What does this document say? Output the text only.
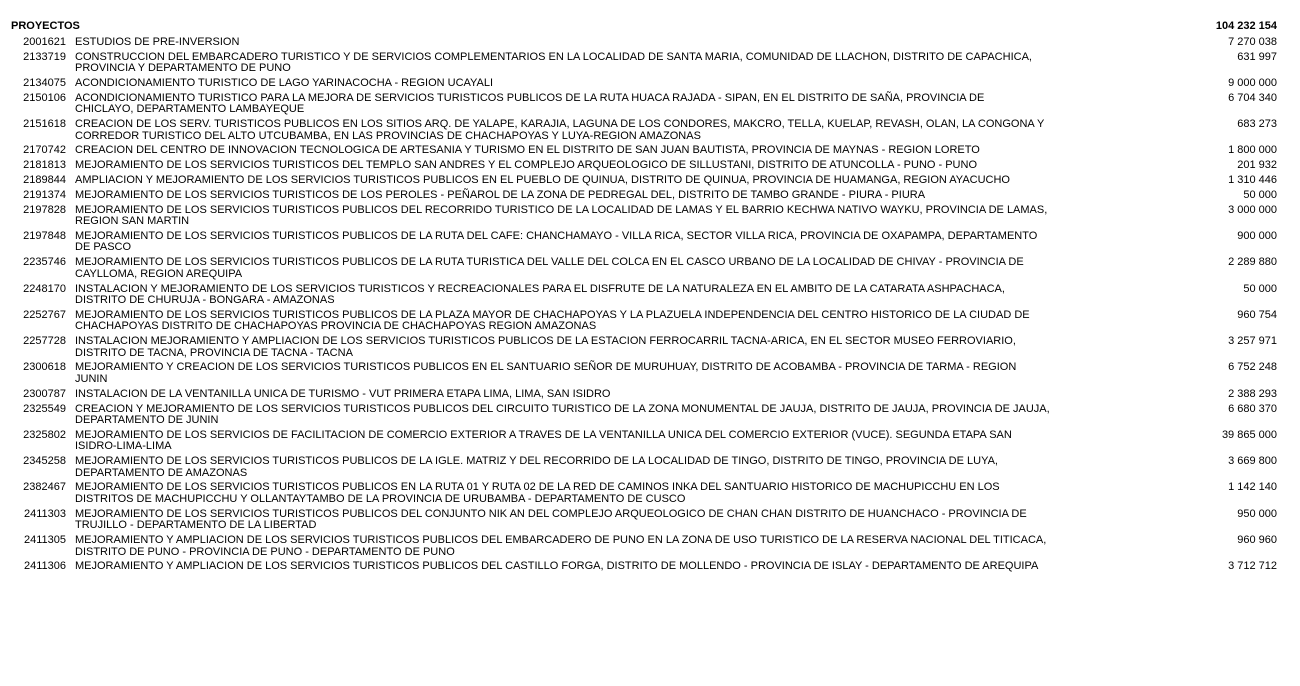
PROYECTOS	104 232 154
2001621 ESTUDIOS DE PRE-INVERSION	7 270 038
2133719 CONSTRUCCION DEL EMBARCADERO TURISTICO Y DE SERVICIOS COMPLEMENTARIOS EN LA LOCALIDAD DE SANTA MARIA, COMUNIDAD DE LLACHON, DISTRITO DE CAPACHICA,
PROVINCIA Y DEPARTAMENTO DE PUNO
631 997
2134075 ACONDICIONAMIENTO TURISTICO DE LAGO YARINACOCHA - REGION UCAYALI	9 000 000
2150106 ACONDICIONAMIENTO TURISTICO PARA LA MEJORA DE SERVICIOS TURISTICOS PUBLICOS DE LA RUTA HUACA RAJADA - SIPAN, EN EL DISTRITO DE SAÑA, PROVINCIA DE
CHICLAYO, DEPARTAMENTO LAMBAYEQUE
6 704 340
2151618 CREACION DE LOS SERV. TURISTICOS PUBLICOS EN LOS SITIOS ARQ. DE YALAPE, KARAJIA, LAGUNA DE LOS CONDORES, MAKCRO, TELLA, KUELAP, REVASH, OLAN, LA CONGONA Y
CORREDOR TURISTICO DEL ALTO UTCUBAMBA, EN LAS PROVINCIAS DE CHACHAPOYAS Y LUYA-REGION AMAZONAS
683 273
2170742 CREACION DEL CENTRO DE INNOVACION TECNOLOGICA DE ARTESANIA Y TURISMO EN EL DISTRITO DE SAN JUAN BAUTISTA, PROVINCIA DE MAYNAS - REGION LORETO	1 800 000
2181813 MEJORAMIENTO DE LOS SERVICIOS TURISTICOS DEL TEMPLO SAN ANDRES Y EL COMPLEJO ARQUEOLOGICO DE SILLUSTANI, DISTRITO DE ATUNCOLLA - PUNO - PUNO	201 932
2189844 AMPLIACION Y MEJORAMIENTO DE LOS SERVICIOS TURISTICOS PUBLICOS EN EL PUEBLO DE QUINUA, DISTRITO DE QUINUA, PROVINCIA DE HUAMANGA, REGION AYACUCHO	1 310 446
2191374 MEJORAMIENTO DE LOS SERVICIOS TURISTICOS DE LOS PEROLES - PEÑAROL DE LA ZONA DE PEDREGAL DEL, DISTRITO DE TAMBO GRANDE - PIURA - PIURA	50 000
2197828 MEJORAMIENTO DE LOS SERVICIOS TURISTICOS PUBLICOS DEL RECORRIDO TURISTICO DE LA LOCALIDAD DE LAMAS Y EL BARRIO KECHWA NATIVO WAYKU, PROVINCIA DE LAMAS,
REGION SAN MARTIN
3 000 000
2197848 MEJORAMIENTO DE LOS SERVICIOS TURISTICOS PUBLICOS DE LA RUTA DEL CAFE: CHANCHAMAYO - VILLA RICA, SECTOR VILLA RICA, PROVINCIA DE OXAPAMPA, DEPARTAMENTO
DE PASCO
900 000
2235746 MEJORAMIENTO DE LOS SERVICIOS TURISTICOS PUBLICOS DE LA RUTA TURISTICA DEL VALLE DEL COLCA EN EL CASCO URBANO DE LA LOCALIDAD DE CHIVAY - PROVINCIA DE
CAYLLOMA, REGION AREQUIPA
2 289 880
2248170 INSTALACION Y MEJORAMIENTO DE LOS SERVICIOS TURISTICOS Y RECREACIONALES PARA EL DISFRUTE DE LA NATURALEZA EN EL AMBITO DE LA CATARATA ASHPACHACA,
DISTRITO DE CHURUJA - BONGARA - AMAZONAS
50 000
2252767 MEJORAMIENTO DE LOS SERVICIOS TURISTICOS PUBLICOS DE LA PLAZA MAYOR DE CHACHAPOYAS Y LA PLAZUELA INDEPENDENCIA DEL CENTRO HISTORICO DE LA CIUDAD DE
CHACHAPOYAS DISTRITO DE CHACHAPOYAS PROVINCIA DE CHACHAPOYAS REGION AMAZONAS
960 754
2257728 INSTALACION MEJORAMIENTO Y AMPLIACION DE LOS SERVICIOS TURISTICOS PUBLICOS DE LA ESTACION FERROCARRIL TACNA-ARICA, EN EL SECTOR MUSEO FERROVIARIO,
DISTRITO DE TACNA, PROVINCIA DE TACNA - TACNA
3 257 971
2300618 MEJORAMIENTO Y CREACION DE LOS SERVICIOS TURISTICOS PUBLICOS EN EL SANTUARIO SEÑOR DE MURUHUAY, DISTRITO DE ACOBAMBA - PROVINCIA DE TARMA - REGION
JUNIN
6 752 248
2300787 INSTALACION DE LA VENTANILLA UNICA DE TURISMO - VUT PRIMERA ETAPA LIMA, LIMA, SAN ISIDRO	2 388 293
2325549 CREACION Y MEJORAMIENTO DE LOS SERVICIOS TURISTICOS PUBLICOS DEL CIRCUITO TURISTICO DE LA ZONA MONUMENTAL DE JAUJA, DISTRITO DE JAUJA, PROVINCIA DE JAUJA,
DEPARTAMENTO DE JUNIN
6 680 370
2325802 MEJORAMIENTO DE LOS SERVICIOS DE FACILITACION DE COMERCIO EXTERIOR A TRAVES DE LA VENTANILLA UNICA DEL COMERCIO EXTERIOR (VUCE). SEGUNDA ETAPA SAN
ISIDRO-LIMA-LIMA
39 865 000
2345258 MEJORAMIENTO DE LOS SERVICIOS TURISTICOS PUBLICOS DE LA IGLE. MATRIZ Y DEL RECORRIDO DE LA LOCALIDAD DE TINGO, DISTRITO DE TINGO, PROVINCIA DE LUYA,
DEPARTAMENTO DE AMAZONAS
3 669 800
2382467 MEJORAMIENTO DE LOS SERVICIOS TURISTICOS PUBLICOS EN LA RUTA 01 Y RUTA 02 DE LA RED DE CAMINOS INKA DEL SANTUARIO HISTORICO DE MACHUPICCHU EN LOS
DISTRITOS DE MACHUPICCHU Y OLLANTAYTAMBO DE LA PROVINCIA DE URUBAMBA - DEPARTAMENTO DE CUSCO
1 142 140
2411303 MEJORAMIENTO DE LOS SERVICIOS TURISTICOS PUBLICOS DEL CONJUNTO NIK AN DEL COMPLEJO ARQUEOLOGICO DE CHAN CHAN DISTRITO DE HUANCHACO - PROVINCIA DE
TRUJILLO - DEPARTAMENTO DE LA LIBERTAD
950 000
2411305 MEJORAMIENTO Y AMPLIACION DE LOS SERVICIOS TURISTICOS PUBLICOS DEL EMBARCADERO DE PUNO EN LA ZONA DE USO TURISTICO DE LA RESERVA NACIONAL DEL TITICACA,
DISTRITO DE PUNO - PROVINCIA DE PUNO - DEPARTAMENTO DE PUNO
960 960
2411306 MEJORAMIENTO Y AMPLIACION DE LOS SERVICIOS TURISTICOS PUBLICOS DEL CASTILLO FORGA, DISTRITO DE MOLLENDO - PROVINCIA DE ISLAY - DEPARTAMENTO DE AREQUIPA	3 712 712
